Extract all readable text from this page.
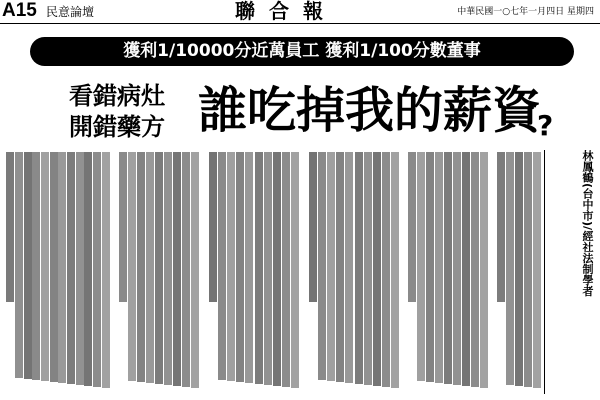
A15 民意論壇	聯合報	中華民國一○七年一月四日 星期四
獲利1/10000分近萬員工 獲利1/100分數董事
看錯病灶
開錯藥方 誰吃掉我的薪資
?
林鳳鶴(台中市)/經社法制學者
